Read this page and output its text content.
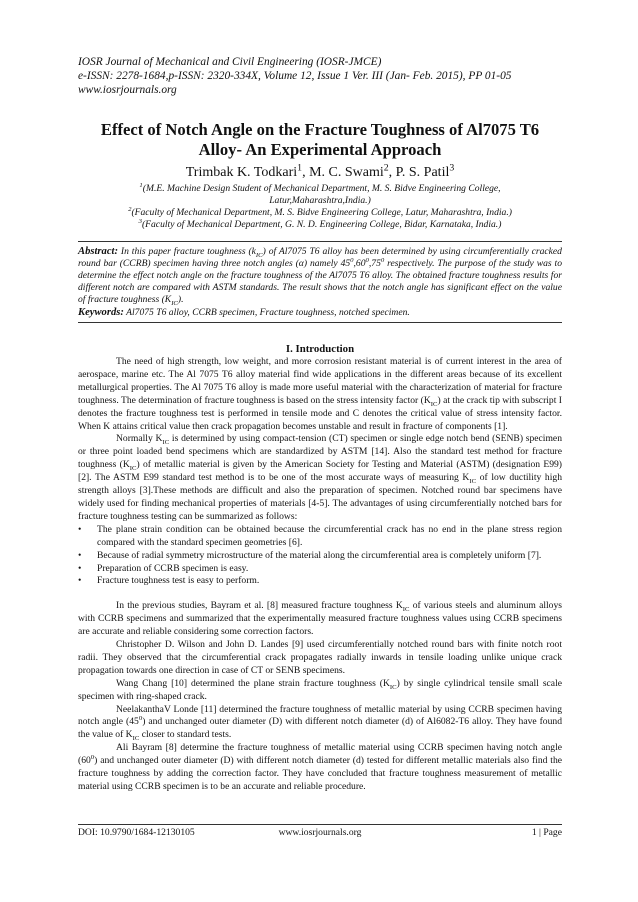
IOSR Journal of Mechanical and Civil Engineering (IOSR-JMCE)
e-ISSN: 2278-1684,p-ISSN: 2320-334X, Volume 12, Issue 1 Ver. III (Jan- Feb. 2015), PP 01-05
www.iosrjournals.org
Effect of Notch Angle on the Fracture Toughness of Al7075 T6
Alloy- An Experimental Approach
Trimbak K. Todkari$^1$, M. C. Swami$^2$, P. S. Patil$^3$
$^1$(M.E. Machine Design Student of Mechanical Department, M. S. Bidve Engineering College,
Latur,Maharashtra,India.)
$^2$(Faculty of Mechanical Department, M. S. Bidve Engineering College, Latur, Maharashtra, India.)
$^3$(Faculty of Mechanical Department, G. N. D. Engineering College, Bidar, Karnataka, India.)
Abstract: In this paper fracture toughness $(k_{IC})$ of Al7075 T6 alloy has been determined by using circumferentially cracked round bar (CCRB) specimen having three notch angles (α) namely $45^0,60^0,75^0$ respectively. The purpose of the study was to determine the effect notch angle on the fracture toughness of the Al7075 T6 alloy. The obtained fracture toughness results for different notch are compared with ASTM standards. The result shows that the notch angle has significant effect on the value of fracture toughness $(K_{IC})$.
Keywords: Al7075 T6 alloy, CCRB specimen, Fracture toughness, notched specimen.
I. Introduction

The need of high strength, low weight, and more corrosion resistant material is of current interest in the area of aerospace, marine etc. The Al 7075 T6 alloy material find wide applications in the different areas because of its excellent metallurgical properties. The Al 7075 T6 alloy is made more useful material with the characterization of material for fracture toughness. The determination of fracture toughness is based on the stress intensity factor $(K_{IC})$ at the crack tip with subscript I denotes the fracture toughness test is performed in tensile mode and C denotes the critical value of stress intensity factor. When K attains critical value then crack propagation becomes unstable and result in fracture of components [1].

Normally $K_{IC}$ is determined by using compact-tension (CT) specimen or single edge notch bend (SENB) specimen or three point loaded bend specimens which are standardized by ASTM [14]. Also the standard test method for fracture toughness $(K_{IC})$ of metallic material is given by the American Society for Testing and Material (ASTM) (designation E99) [2]. The ASTM E99 standard test method is to be one of the most accurate ways of measuring $K_{IC}$ of low ductility high strength alloys [3].These methods are difficult and also the preparation of specimen. Notched round bar specimens have widely used for finding mechanical properties of materials [4-5]. The advantages of using circumferentially notched bars for fracture toughness testing can be summarized as follows:

• The plane strain condition can be obtained because the circumferential crack has no end in the plane stress region compared with the standard specimen geometries [6].
• Because of radial symmetry microstructure of the material along the circumferential area is completely uniform [7].
• Preparation of CCRB specimen is easy.
• Fracture toughness test is easy to perform.

In the previous studies, Bayram et al. [8] measured fracture toughness $K_{IC}$ of various steels and aluminum alloys with CCRB specimens and summarized that the experimentally measured fracture toughness values using CCRB specimens are accurate and reliable considering some correction factors.

Christopher D. Wilson and John D. Landes [9] used circumferentially notched round bars with finite notch root radii. They observed that the circumferential crack propagates radially inwards in tensile loading unlike unique crack propagation towards one direction in case of CT or SENB specimens.

Wang Chang [10] determined the plane strain fracture toughness $(K_{IC})$ by single cylindrical tensile small scale specimen with ring-shaped crack.

NeelakanthaV Londe [11] determined the fracture toughness of metallic material by using CCRB specimen having notch angle $(45^0)$ and unchanged outer diameter (D) with different notch diameter (d) of Al6082-T6 alloy. They have found the value of $K_{IC}$ closer to standard tests.

Ali Bayram [8] determine the fracture toughness of metallic material using CCRB specimen having notch angle $(60^0)$ and unchanged outer diameter (D) with different notch diameter (d) tested for different metallic materials also find the fracture toughness by adding the correction factor. They have concluded that fracture toughness measurement of metallic material using CCRB specimen is to be an accurate and reliable procedure.

DOI: 10.9790/1684-12130105	www.iosrjournals.org	1 | Page
